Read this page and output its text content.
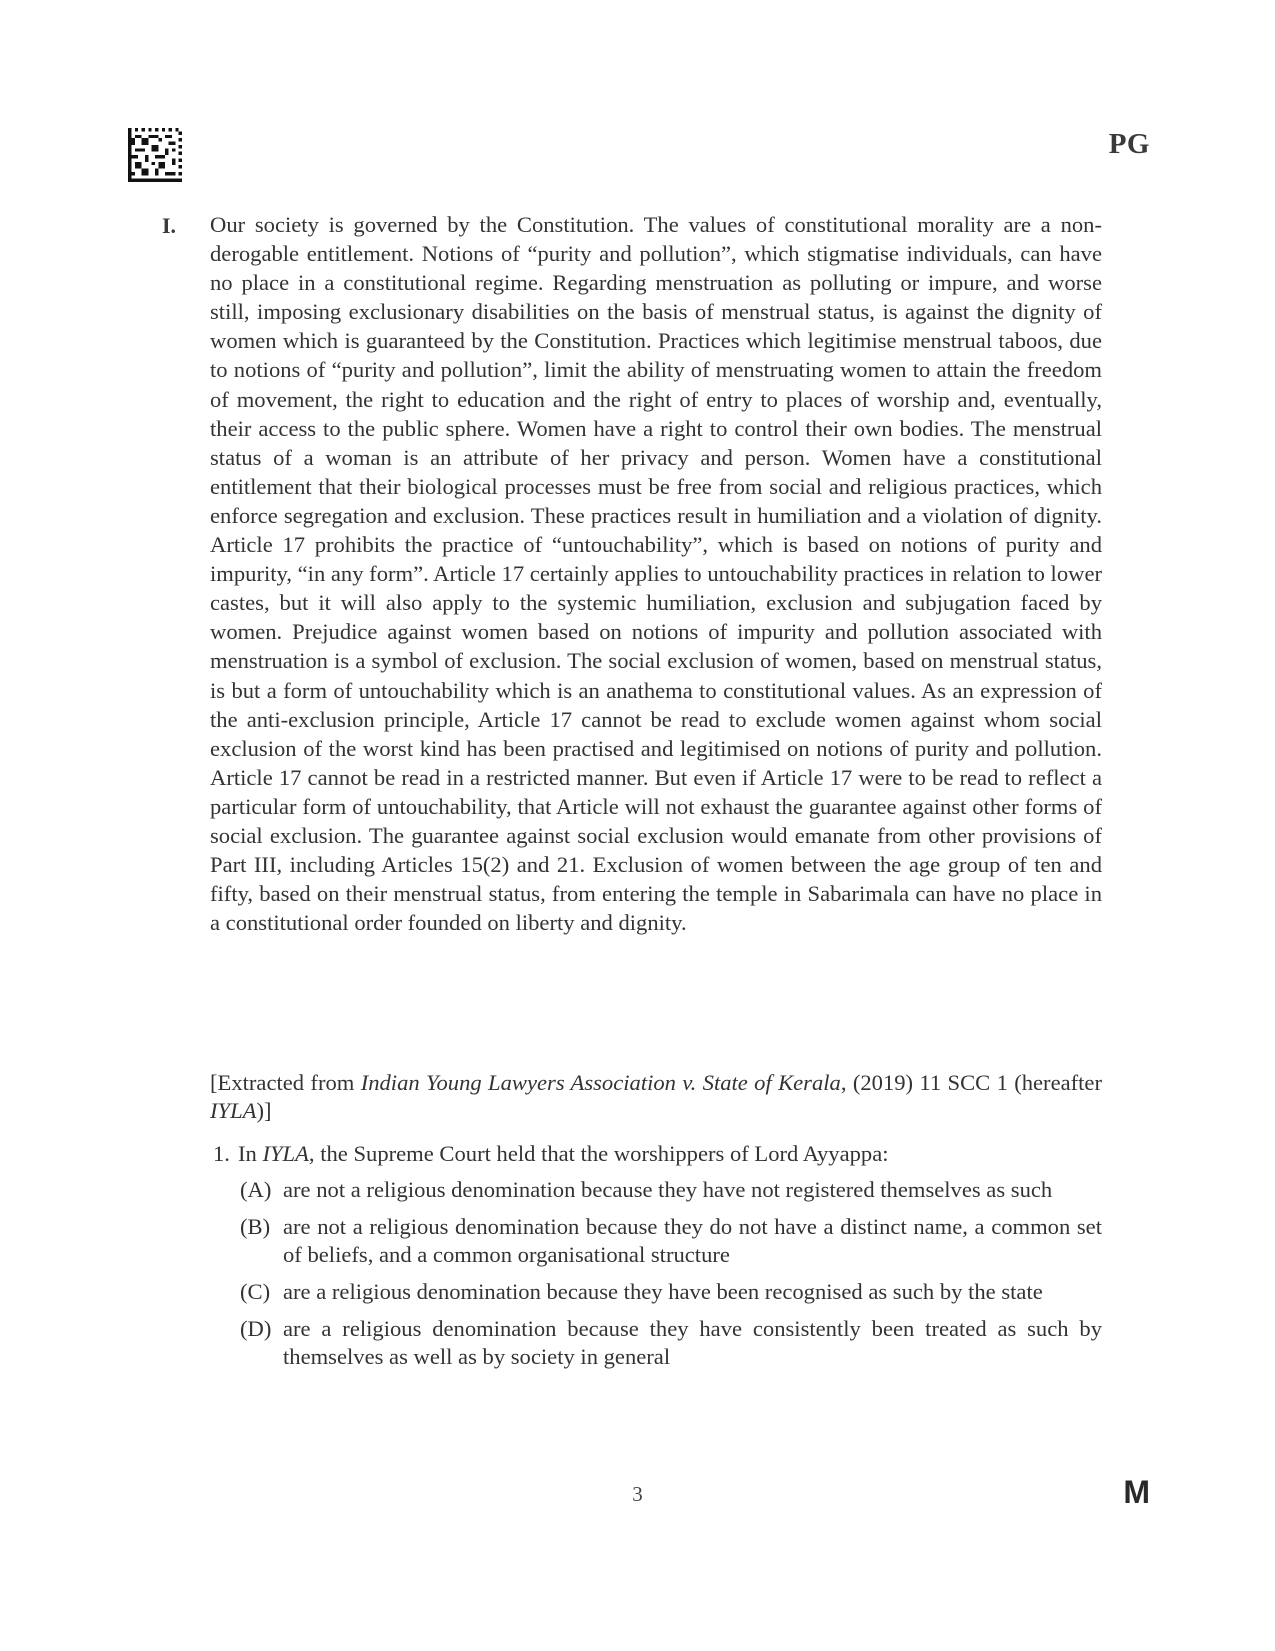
PG
I. Our society is governed by the Constitution. The values of constitutional morality are a non-derogable entitlement. Notions of “purity and pollution”, which stigmatise individuals, can have no place in a constitutional regime. Regarding menstruation as polluting or impure, and worse still, imposing exclusionary disabilities on the basis of menstrual status, is against the dignity of women which is guaranteed by the Constitution. Practices which legitimise menstrual taboos, due to notions of “purity and pollution”, limit the ability of menstruating women to attain the freedom of movement, the right to education and the right of entry to places of worship and, eventually, their access to the public sphere. Women have a right to control their own bodies. The menstrual status of a woman is an attribute of her privacy and person. Women have a constitutional entitlement that their biological processes must be free from social and religious practices, which enforce segregation and exclusion. These practices result in humiliation and a violation of dignity. Article 17 prohibits the practice of “untouchability”, which is based on notions of purity and impurity, “in any form”. Article 17 certainly applies to untouchability practices in relation to lower castes, but it will also apply to the systemic humiliation, exclusion and subjugation faced by women. Prejudice against women based on notions of impurity and pollution associated with menstruation is a symbol of exclusion. The social exclusion of women, based on menstrual status, is but a form of untouchability which is an anathema to constitutional values. As an expression of the anti-exclusion principle, Article 17 cannot be read to exclude women against whom social exclusion of the worst kind has been practised and legitimised on notions of purity and pollution. Article 17 cannot be read in a restricted manner. But even if Article 17 were to be read to reflect a particular form of untouchability, that Article will not exhaust the guarantee against other forms of social exclusion. The guarantee against social exclusion would emanate from other provisions of Part III, including Articles 15(2) and 21. Exclusion of women between the age group of ten and fifty, based on their menstrual status, from entering the temple in Sabarimala can have no place in a constitutional order founded on liberty and dignity.

[Extracted from Indian Young Lawyers Association v. State of Kerala, (2019) 11 SCC 1 (hereafter IYLA)]

1. In IYLA, the Supreme Court held that the worshippers of Lord Ayyappa:

(A) are not a religious denomination because they have not registered themselves as such
(B) are not a religious denomination because they do not have a distinct name, a common set of beliefs, and a common organisational structure
(C) are a religious denomination because they have been recognised as such by the state
(D) are a religious denomination because they have consistently been treated as such by themselves as well as by society in general
3	M
